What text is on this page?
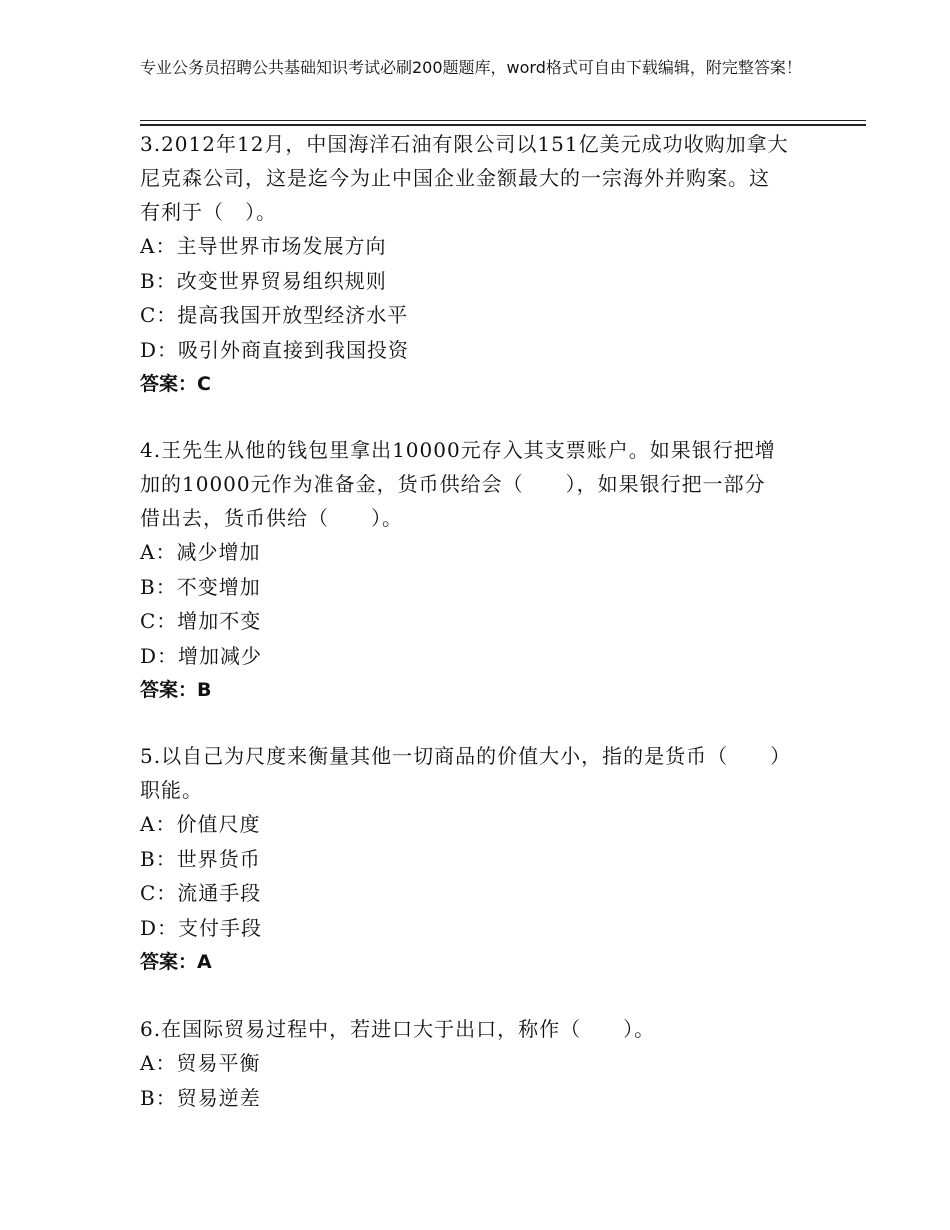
专业公务员招聘公共基础知识考试必刷200题题库，word格式可自由下载编辑，附完整答案！
3.2012年12月，中国海洋石油有限公司以151亿美元成功收购加拿大
尼克森公司，这是迄今为止中国企业金额最大的一宗海外并购案。这
有利于（　）。
A：主导世界市场发展方向
B：改变世界贸易组织规则
C：提高我国开放型经济水平
D：吸引外商直接到我国投资
答案：C
4.王先生从他的钱包里拿出10000元存入其支票账户。如果银行把增
加的10000元作为准备金，货币供给会（　　），如果银行把一部分
借出去，货币供给（　　）。
A：减少增加
B：不变增加
C：增加不变
D：增加减少
答案：B
5.以自己为尺度来衡量其他一切商品的价值大小，指的是货币（　　）
职能。
A：价值尺度
B：世界货币
C：流通手段
D：支付手段
答案：A
6.在国际贸易过程中，若进口大于出口，称作（　　）。
A：贸易平衡
B：贸易逆差
